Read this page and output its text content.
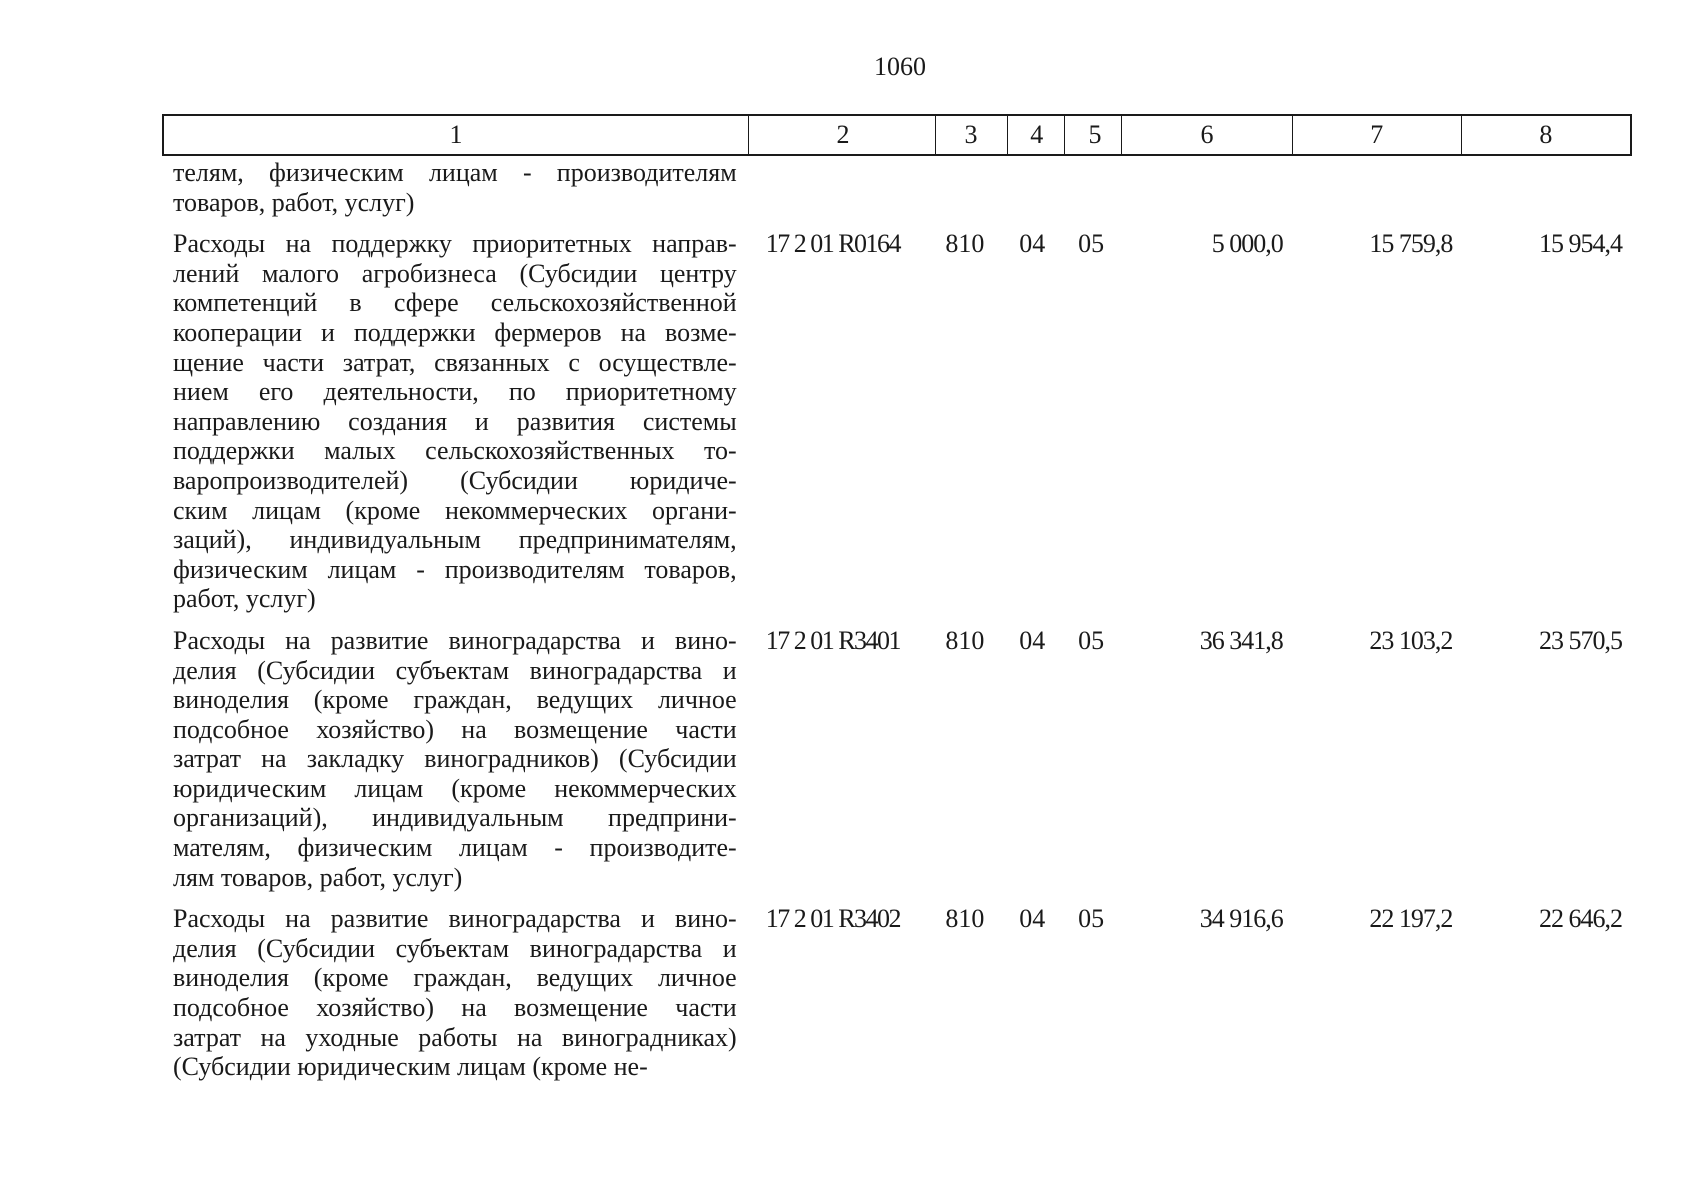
1060
1	2	3	4	5	6	7	8
телям, физическим лицам - производителям
товаров, работ, услуг)
Расходы на поддержку приоритетных направ-
лений малого агробизнеса (Субсидии центру
компетенций в сфере сельскохозяйственной
кооперации и поддержки фермеров на возме-
щение части затрат, связанных с осуществле-
нием его деятельности, по приоритетному
направлению создания и развития системы
поддержки малых сельскохозяйственных то-
варопроизводителей) (Субсидии юридиче-
ским лицам (кроме некоммерческих органи-
заций), индивидуальным предпринимателям,
физическим лицам - производителям товаров,
работ, услуг)
17 2 01 R0164	810	04	05	5 000,0	15 759,8	15 954,4
Расходы на развитие виноградарства и вино-
делия (Субсидии субъектам виноградарства и
виноделия (кроме граждан, ведущих личное
подсобное хозяйство) на возмещение части
затрат на закладку виноградников) (Субсидии
юридическим лицам (кроме некоммерческих
организаций), индивидуальным предприни-
мателям, физическим лицам - производите-
лям товаров, работ, услуг)
17 2 01 R3401	810	04	05	36 341,8	23 103,2	23 570,5
Расходы на развитие виноградарства и вино-
делия (Субсидии субъектам виноградарства и
виноделия (кроме граждан, ведущих личное
подсобное хозяйство) на возмещение части
затрат на уходные работы на виноградниках)
(Субсидии юридическим лицам (кроме не-
17 2 01 R3402	810	04	05	34 916,6	22 197,2	22 646,2
